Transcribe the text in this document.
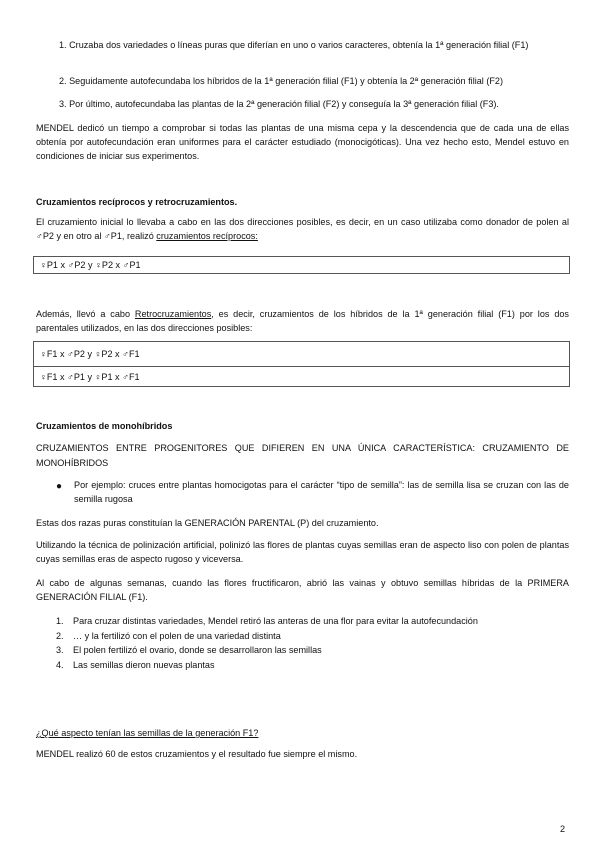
1. Cruzaba dos variedades o líneas puras que diferían en uno o varios caracteres, obtenía la 1ª generación filial (F1)

2. Seguidamente autofecundaba los híbridos de la 1ª generación filial (F1) y obtenía la 2ª generación filial (F2)

3. Por último, autofecundaba las plantas de la 2ª generación filial (F2) y conseguía la 3ª generación filial (F3).

MENDEL dedicó un tiempo a comprobar si todas las plantas de una misma cepa y la descendencia que de cada una de ellas obtenía por autofecundación eran uniformes para el carácter estudiado (monocigóticas). Una vez hecho esto, Mendel estuvo en condiciones de iniciar sus experimentos.

Cruzamientos recíprocos y retrocruzamientos.

El cruzamiento inicial lo llevaba a cabo en las dos direcciones posibles, es decir, en un caso utilizaba como donador de polen al ♂P2 y en otro al ♂P1, realizó cruzamientos recíprocos:

♀P1 x ♂P2 y ♀P2 x ♂P1

Además, llevó a cabo Retrocruzamientos, es decir, cruzamientos de los híbridos de la 1ª generación filial (F1) por los dos parentales utilizados, en las dos direcciones posibles:

♀F1 x ♂P2 y ♀P2 x ♂F1
♀F1 x ♂P1 y ♀P1 x ♂F1

Cruzamientos de monohíbridos

CRUZAMIENTOS ENTRE PROGENITORES QUE DIFIEREN EN UNA ÚNICA CARACTERÍSTICA: CRUZAMIENTO DE MONOHÍBRIDOS

● Por ejemplo: cruces entre plantas homocigotas para el carácter “tipo de semilla”: las de semilla lisa se cruzan con las de semilla rugosa

Estas dos razas puras constituían la GENERACIÓN PARENTAL (P) del cruzamiento.

Utilizando la técnica de polinización artificial, polinizó las flores de plantas cuyas semillas eran de aspecto liso con polen de plantas cuyas semillas eras de aspecto rugoso y viceversa.

Al cabo de algunas semanas, cuando las flores fructificaron, abrió las vainas y obtuvo semillas híbridas de la PRIMERA GENERACIÓN FILIAL (F1).

1.	Para cruzar distintas variedades, Mendel retiró las anteras de una flor para evitar la autofecundación
2.	… y la fertilizó con el polen de una variedad distinta
3.	El polen fertilizó el ovario, donde se desarrollaron las semillas
4.	Las semillas dieron nuevas plantas

¿Qué aspecto tenían las semillas de la generación F1?

MENDEL realizó 60 de estos cruzamientos y el resultado fue siempre el mismo.

2
